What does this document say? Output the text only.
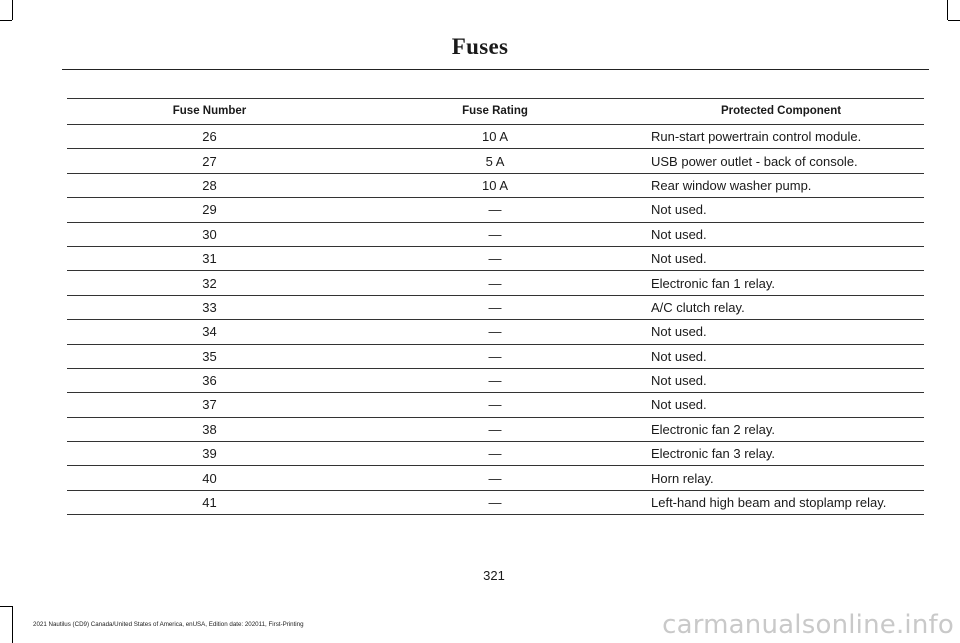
Fuses
Fuse Number	Fuse Rating	Protected Component
26	10 A	Run-start powertrain control module.
27	5 A	USB power outlet - back of console.
28	10 A	Rear window washer pump.
29	—	Not used.
30	—	Not used.
31	—	Not used.
32	—	Electronic fan 1 relay.
33	—	A/C clutch relay.
34	—	Not used.
35	—	Not used.
36	—	Not used.
37	—	Not used.
38	—	Electronic fan 2 relay.
39	—	Electronic fan 3 relay.
40	—	Horn relay.
41	—	Left-hand high beam and stoplamp relay.
321
2021 Nautilus (CD9) Canada/United States of America, enUSA, Edition date: 202011, First-Printing	carmanualsonline.info
